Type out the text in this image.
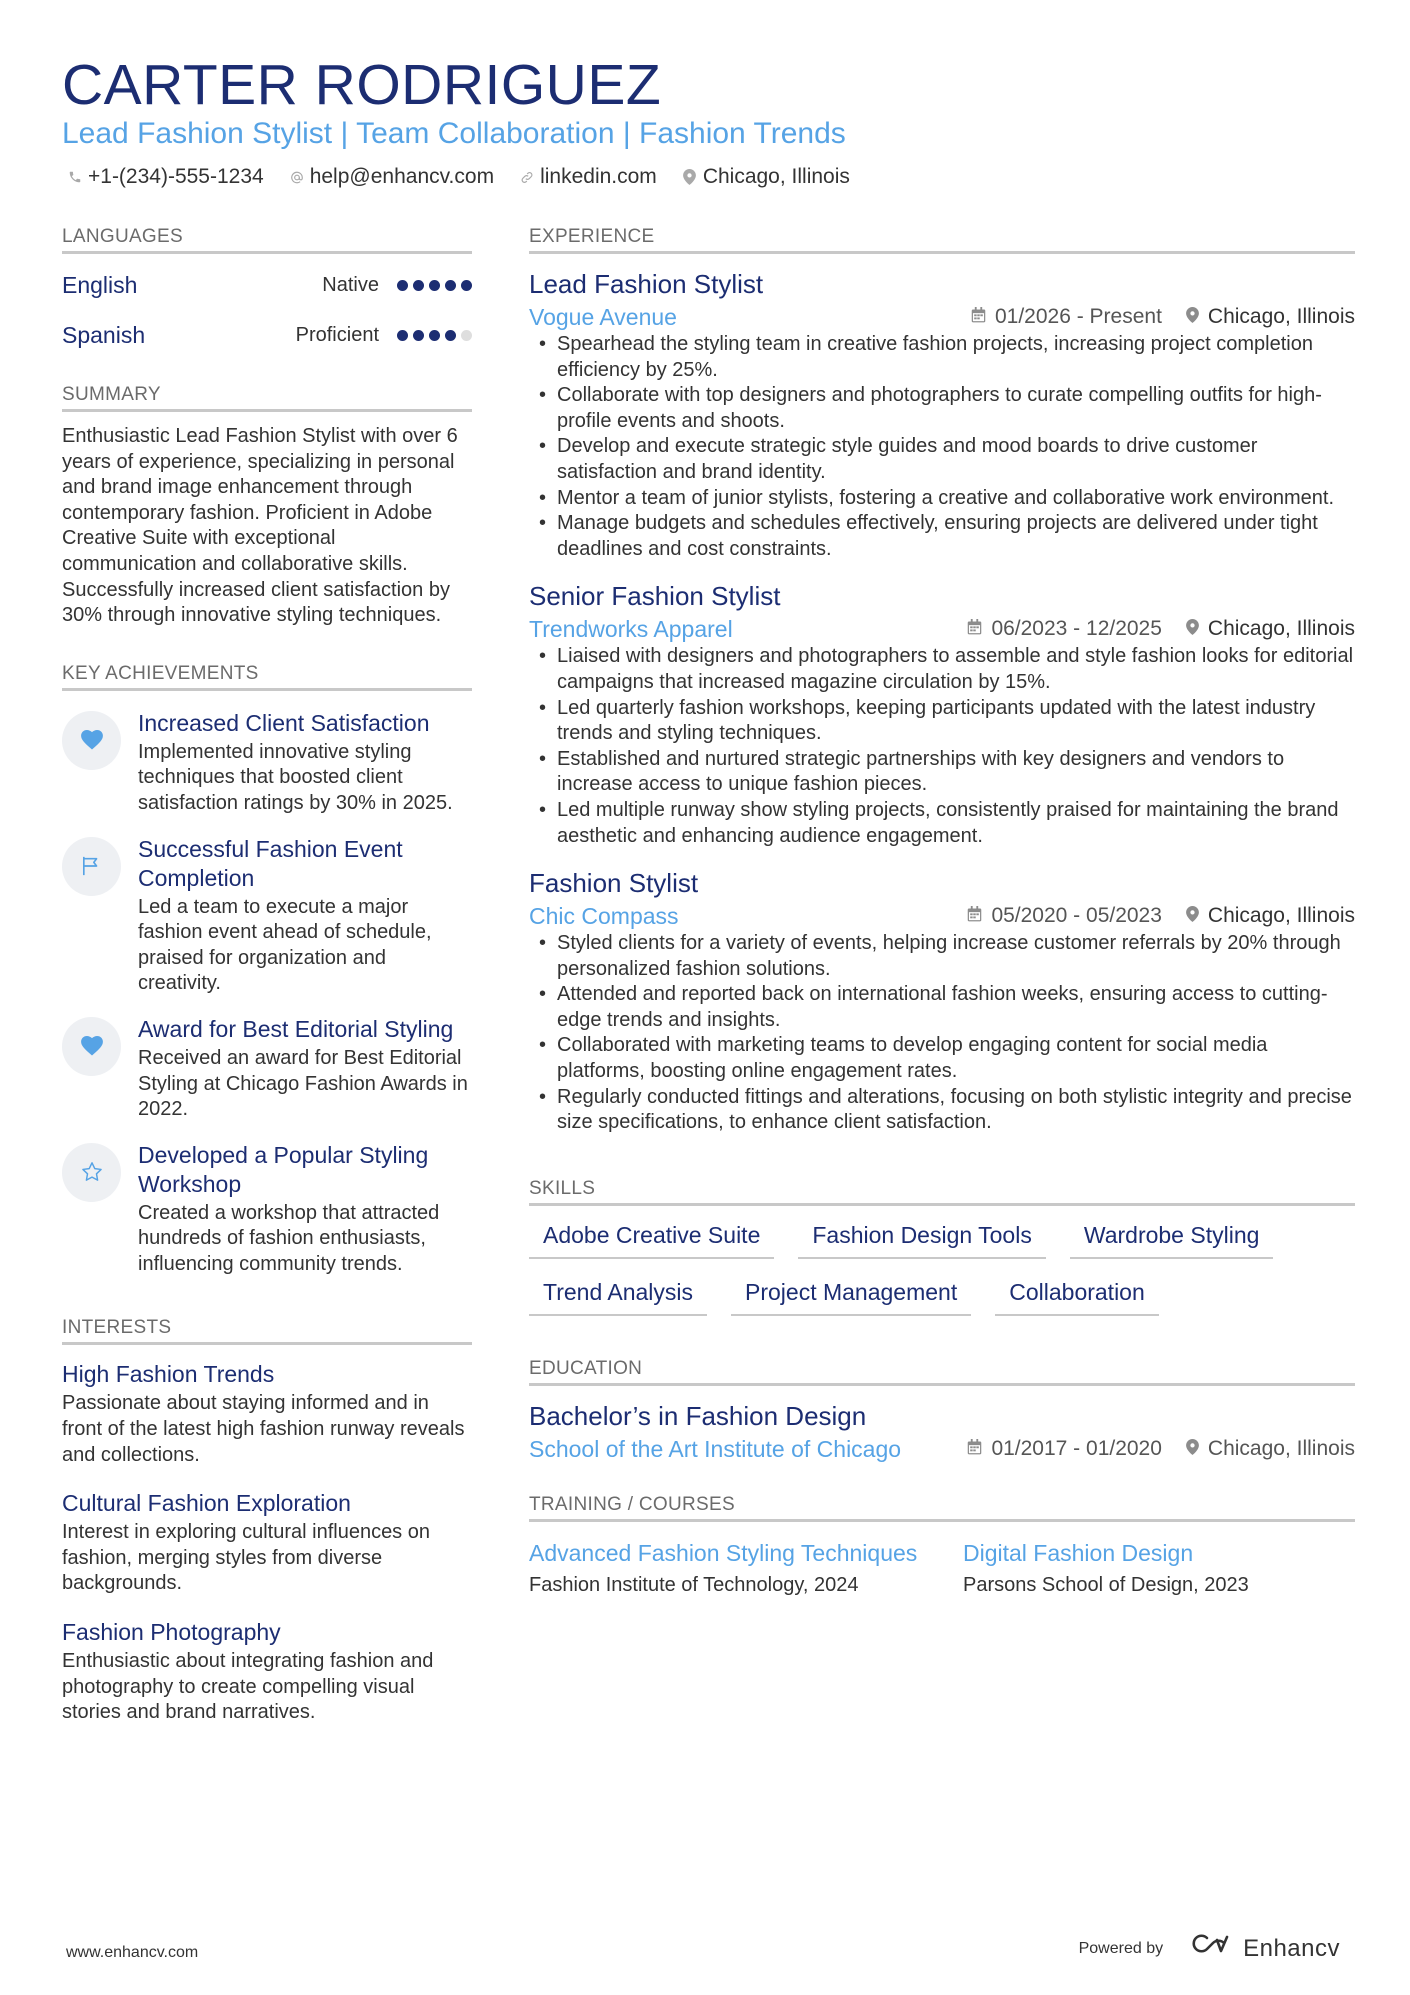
CARTER RODRIGUEZ
Lead Fashion Stylist | Team Collaboration | Fashion Trends
+1-(234)-555-1234 help@enhancv.com linkedin.com Chicago, Illinois
LANGUAGES
English	Native
Spanish	Proficient
SUMMARY
Enthusiastic Lead Fashion Stylist with over 6 years of experience, specializing in personal and brand image enhancement through contemporary fashion. Proficient in Adobe Creative Suite with exceptional communication and collaborative skills. Successfully increased client satisfaction by 30% through innovative styling techniques.
KEY ACHIEVEMENTS
Increased Client Satisfaction
Implemented innovative styling techniques that boosted client satisfaction ratings by 30% in 2025.
Successful Fashion Event Completion
Led a team to execute a major fashion event ahead of schedule, praised for organization and creativity.
Award for Best Editorial Styling
Received an award for Best Editorial Styling at Chicago Fashion Awards in 2022.
Developed a Popular Styling Workshop
Created a workshop that attracted hundreds of fashion enthusiasts, influencing community trends.
INTERESTS
High Fashion Trends
Passionate about staying informed and in front of the latest high fashion runway reveals and collections.
Cultural Fashion Exploration
Interest in exploring cultural influences on fashion, merging styles from diverse backgrounds.
Fashion Photography
Enthusiastic about integrating fashion and photography to create compelling visual stories and brand narratives.
EXPERIENCE
Lead Fashion Stylist
Vogue Avenue	01/2026 - Present Chicago, Illinois
• Spearhead the styling team in creative fashion projects, increasing project completion efficiency by 25%.
• Collaborate with top designers and photographers to curate compelling outfits for high-profile events and shoots.
• Develop and execute strategic style guides and mood boards to drive customer satisfaction and brand identity.
• Mentor a team of junior stylists, fostering a creative and collaborative work environment.
• Manage budgets and schedules effectively, ensuring projects are delivered under tight deadlines and cost constraints.
Senior Fashion Stylist
Trendworks Apparel	06/2023 - 12/2025 Chicago, Illinois
• Liaised with designers and photographers to assemble and style fashion looks for editorial campaigns that increased magazine circulation by 15%.
• Led quarterly fashion workshops, keeping participants updated with the latest industry trends and styling techniques.
• Established and nurtured strategic partnerships with key designers and vendors to increase access to unique fashion pieces.
• Led multiple runway show styling projects, consistently praised for maintaining the brand aesthetic and enhancing audience engagement.
Fashion Stylist
Chic Compass	05/2020 - 05/2023 Chicago, Illinois
• Styled clients for a variety of events, helping increase customer referrals by 20% through personalized fashion solutions.
• Attended and reported back on international fashion weeks, ensuring access to cutting-edge trends and insights.
• Collaborated with marketing teams to develop engaging content for social media platforms, boosting online engagement rates.
• Regularly conducted fittings and alterations, focusing on both stylistic integrity and precise size specifications, to enhance client satisfaction.
SKILLS
Adobe Creative Suite	Fashion Design Tools	Wardrobe Styling
Trend Analysis	Project Management	Collaboration
EDUCATION
Bachelor’s in Fashion Design
School of the Art Institute of Chicago	01/2017 - 01/2020 Chicago, Illinois
TRAINING / COURSES
Advanced Fashion Styling Techniques
Fashion Institute of Technology, 2024
Digital Fashion Design
Parsons School of Design, 2023
www.enhancv.com	Powered by	Enhancv
